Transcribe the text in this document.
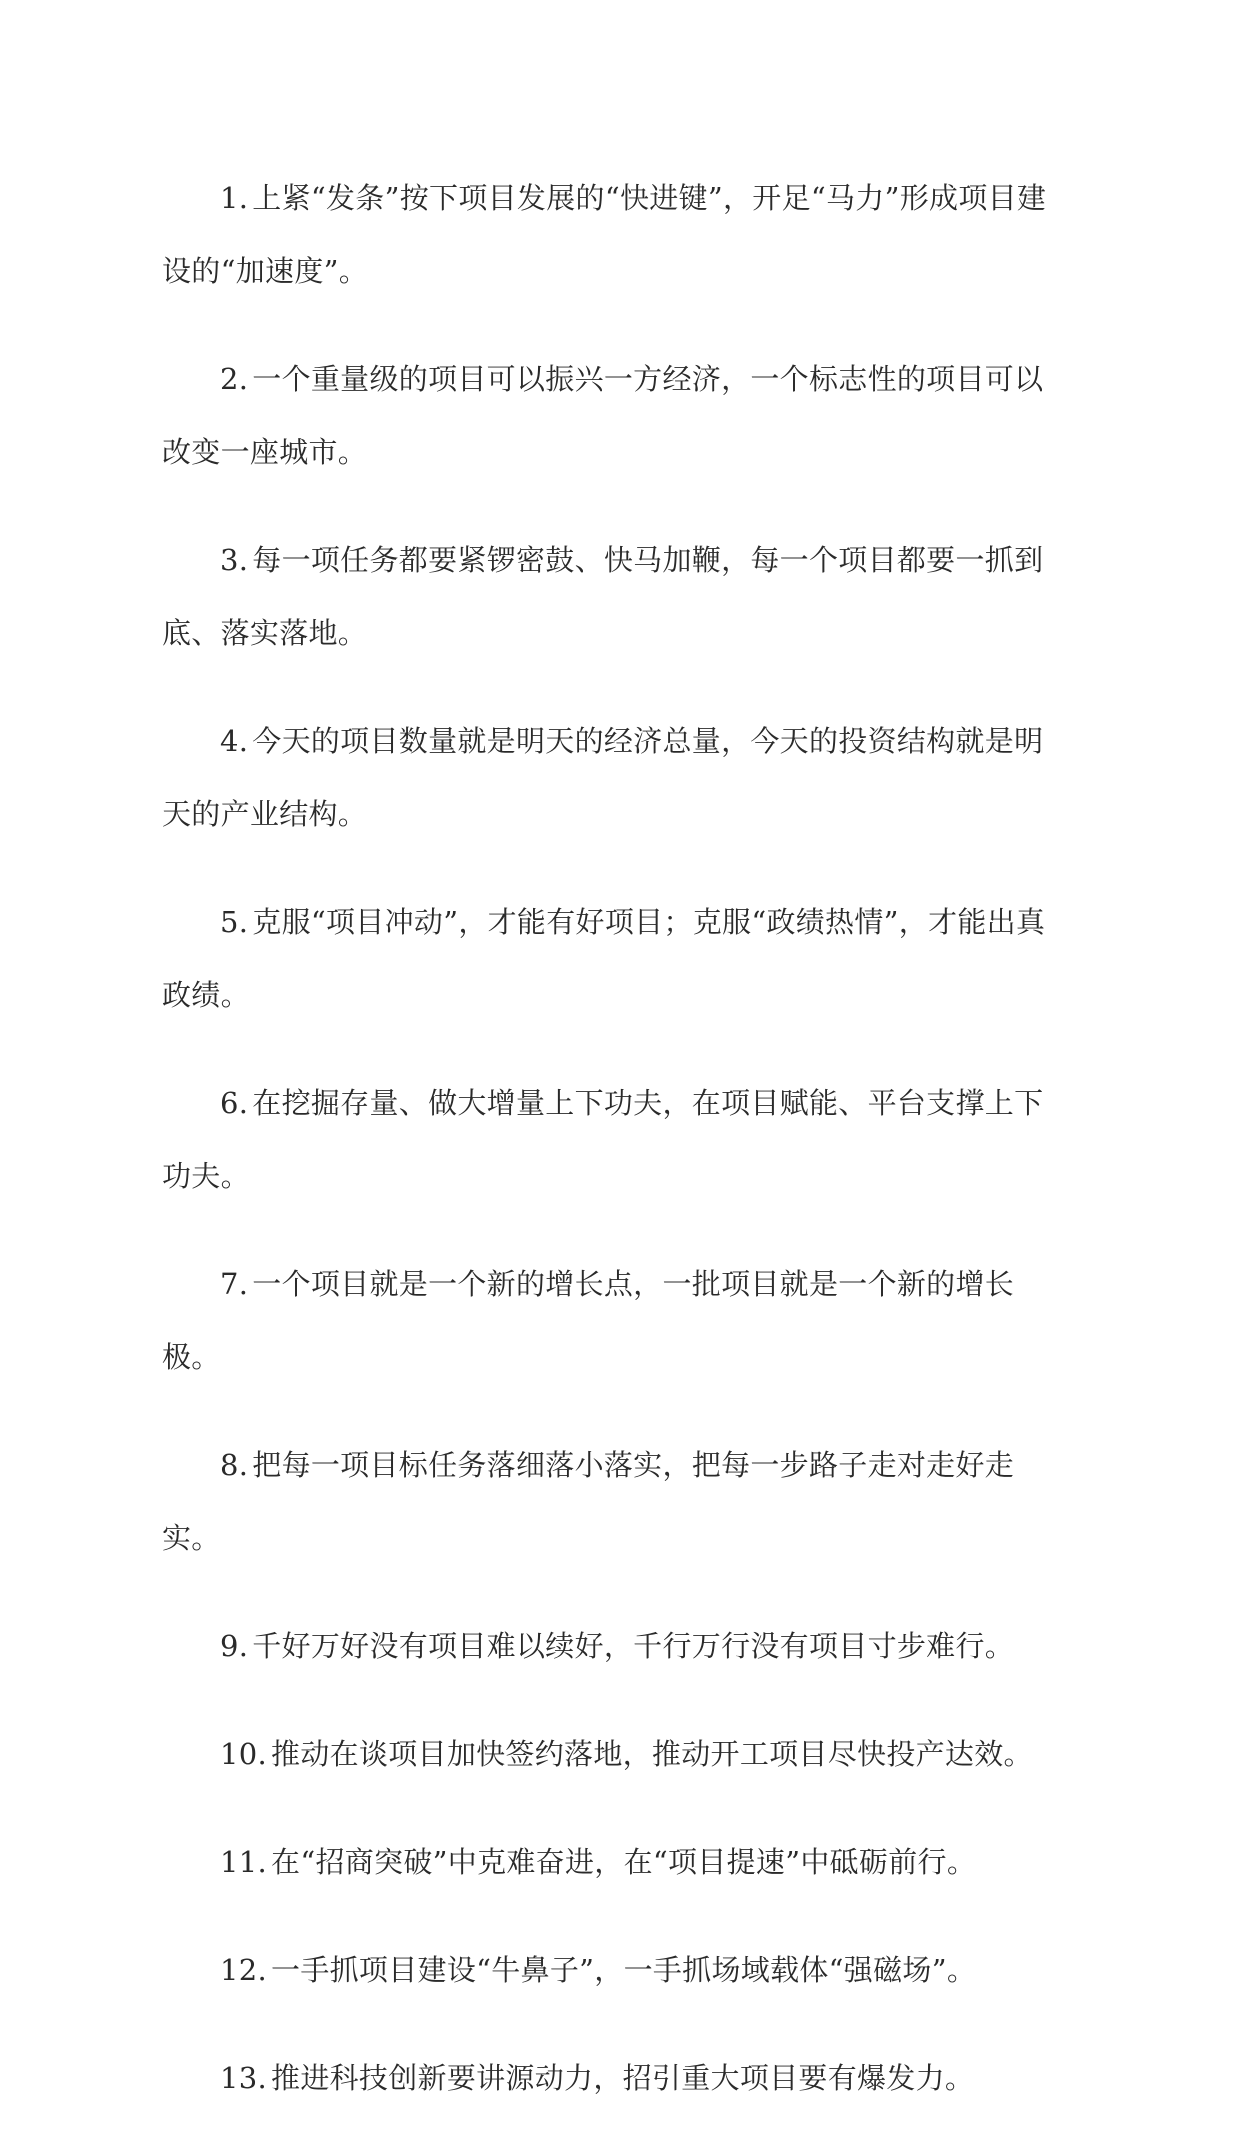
1. 上紧“发条”按下项目发展的“快进键”，开足“马力”形成项目建设的“加速度”。

2. 一个重量级的项目可以振兴一方经济，一个标志性的项目可以改变一座城市。

3. 每一项任务都要紧锣密鼓、快马加鞭，每一个项目都要一抓到底、落实落地。

4. 今天的项目数量就是明天的经济总量，今天的投资结构就是明天的产业结构。

5. 克服“项目冲动”，才能有好项目；克服“政绩热情”，才能出真政绩。

6. 在挖掘存量、做大增量上下功夫，在项目赋能、平台支撑上下功夫。

7. 一个项目就是一个新的增长点，一批项目就是一个新的增长极。

8. 把每一项目标任务落细落小落实，把每一步路子走对走好走实。

9. 千好万好没有项目难以续好，千行万行没有项目寸步难行。

10. 推动在谈项目加快签约落地，推动开工项目尽快投产达效。

11. 在“招商突破”中克难奋进，在“项目提速”中砥砺前行。

12. 一手抓项目建设“牛鼻子”，一手抓场域载体“强磁场”。

13. 推进科技创新要讲源动力，招引重大项目要有爆发力。
